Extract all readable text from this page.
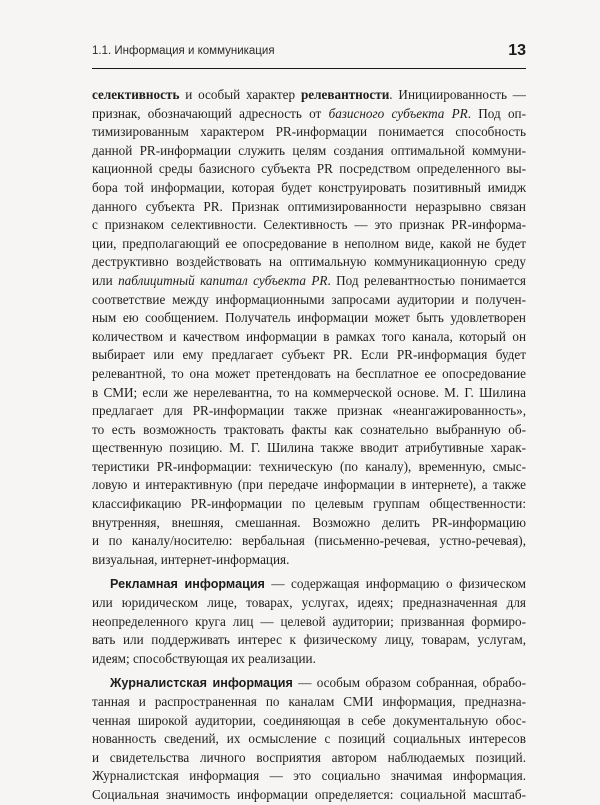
1.1. Информация и коммуникация	13
селективность и особый характер релевантности. Инициированность —
признак, обозначающий адресность от базисного субъекта PR. Под оп-
тимизированным характером PR-информации понимается способность
данной PR-информации служить целям создания оптимальной коммуни-
кационной среды базисного субъекта PR посредством определенного вы-
бора той информации, которая будет конструировать позитивный имидж
данного субъекта PR. Признак оптимизированности неразрывно связан
с признаком селективности. Селективность — это признак PR-информа-
ции, предполагающий ее опосредование в неполном виде, какой не будет
деструктивно воздействовать на оптимальную коммуникационную среду
или паблицитный капитал субъекта PR. Под релевантностью понимается
соответствие между информационными запросами аудитории и получен-
ным ею сообщением. Получатель информации может быть удовлетворен
количеством и качеством информации в рамках того канала, который он
выбирает или ему предлагает субъект PR. Если PR-информация будет
релевантной, то она может претендовать на бесплатное ее опосредование
в СМИ; если же нерелевантна, то на коммерческой основе. М. Г. Шилина
предлагает для PR-информации также признак «неангажированность»,
то есть возможность трактовать факты как сознательно выбранную об-
щественную позицию. М. Г. Шилина также вводит атрибутивные харак-
теристики PR-информации: техническую (по каналу), временную, смыс-
ловую и интерактивную (при передаче информации в интернете), а также
классификацию PR-информации по целевым группам общественности:
внутренняя, внешняя, смешанная. Возможно делить PR-информацию
и по каналу/носителю: вербальная (письменно-речевая, устно-речевая),
визуальная, интернет-информация.
Рекламная информация — содержащая информацию о физическом
или юридическом лице, товарах, услугах, идеях; предназначенная для
неопределенного круга лиц — целевой аудитории; призванная формиро-
вать или поддерживать интерес к физическому лицу, товарам, услугам,
идеям; способствующая их реализации.
Журналистская информация — особым образом собранная, обрабо-
танная и распространенная по каналам СМИ информация, предназна-
ченная широкой аудитории, соединяющая в себе документальную обос-
нованность сведений, их осмысление с позиций социальных интересов
и свидетельства личного восприятия автором наблюдаемых позиций.
Журналистская информация — это социально значимая информация.
Социальная значимость информации определяется: социальной масштаб-
